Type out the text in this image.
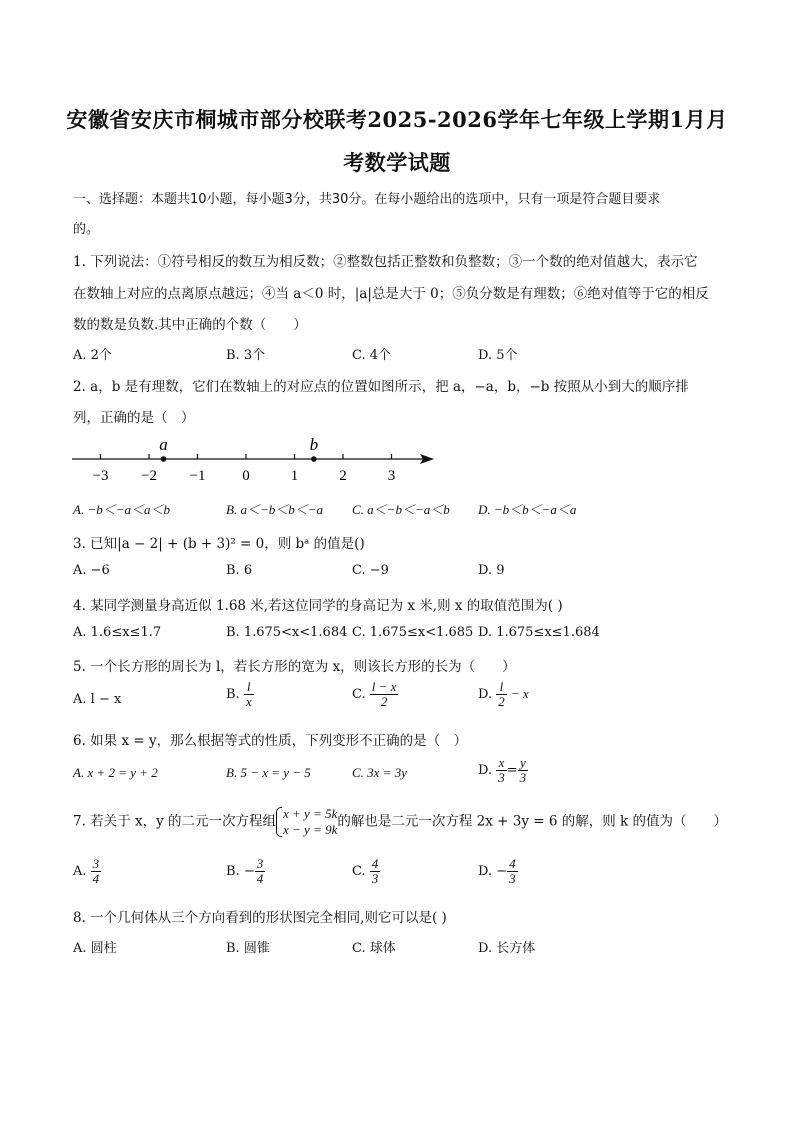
安徽省安庆市桐城市部分校联考2025-2026学年七年级上学期1月月
考数学试题
一、选择题：本题共10小题，每小题3分，共30分。在每小题给出的选项中，只有一项是符合题目要求
的。
1. 下列说法：①符号相反的数互为相反数；②整数包括正整数和负整数；③一个数的绝对值越大，表示它
在数轴上对应的点离原点越远；④当 a＜0 时，|a|总是大于 0；⑤负分数是有理数；⑥绝对值等于它的相反
数的数是负数.其中正确的个数（　　）
A. 2个	B. 3个	C. 4个	D. 5个
2. a，b 是有理数，它们在数轴上的对应点的位置如图所示，把 a，−a，b，−b 按照从小到大的顺序排
列，正确的是（　）
−3 −2 −1 0	1	2	3
a	b
A. −b＜−a＜a＜b	B. a＜−b＜b＜−a C. a＜−b＜−a＜b D. −b＜b＜−a＜a
3. 已知|a − 2| + (b + 3)² = 0，则 bᵃ 的值是()
A. −6	B. 6	C. −9	D. 9
4. 某同学测量身高近似 1.68 米,若这位同学的身高记为 x 米,则 x 的取值范围为( )
A. 1.6≤x≤1.7	B. 1.675<x<1.684 C. 1.675≤x<1.685 D. 1.675≤x≤1.684
5. 一个长方形的周长为 l，若长方形的宽为 x，则该长方形的长为（　　）
A. l − x	B. $\frac{l}{x}$	C. $\frac{l - x}{2}$	D. $\frac{l}{2} - x$
6. 如果 x = y，那么根据等式的性质，下列变形不正确的是（　）
A. x + 2 = y + 2	B. 5 − x = y − 5	C. 3x = 3y	D. $\frac{x}{3} = \frac{y}{3}$
7. 若关于 x，y 的二元一次方程组 x + y = 5k
x − y = 9k 的解也是二元一次方程 2x + 3y = 6 的解，则 k 的值为（　　）
A. $\frac{3}{4}$	B. − $\frac{3}{4}$	C. $\frac{4}{3}$	D. − $\frac{4}{3}$
8. 一个几何体从三个方向看到的形状图完全相同,则它可以是( )
A. 圆柱	B. 圆锥	C. 球体	D. 长方体
